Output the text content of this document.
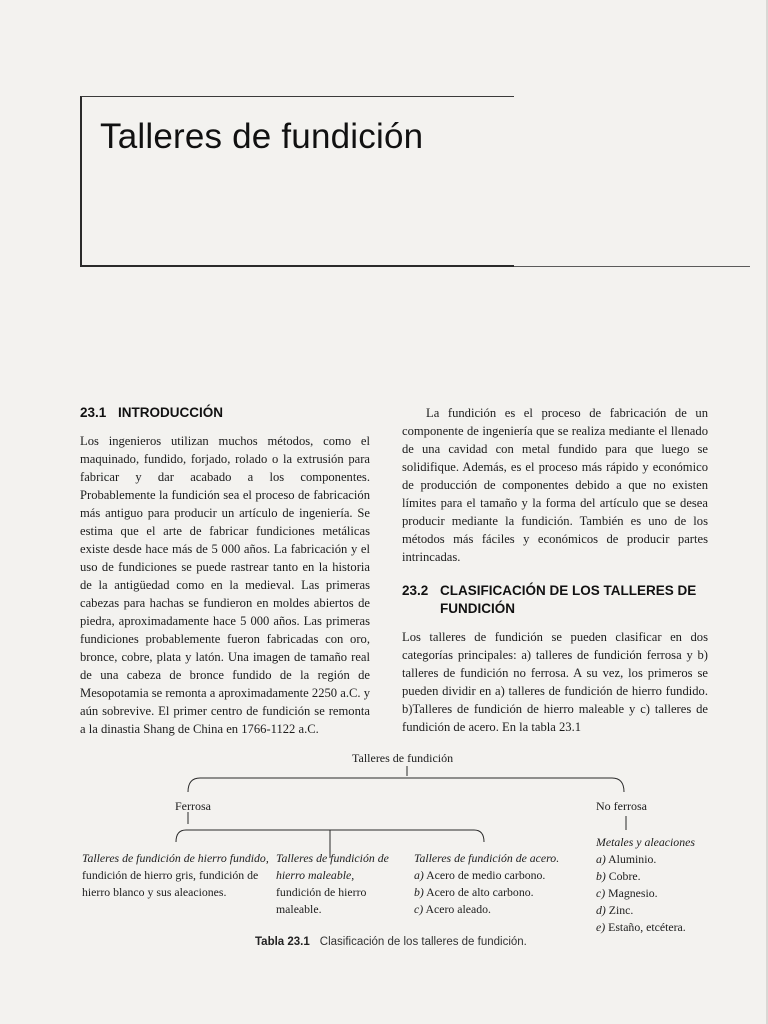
Talleres de fundición
23.1 INTRODUCCIÓN

Los ingenieros utilizan muchos métodos, como el maquinado, fundido, forjado, rolado o la extrusión para fabricar y dar acabado a los componentes. Probablemente la fundición sea el proceso de fabricación más antiguo para producir un artículo de ingeniería. Se estima que el arte de fabricar fundiciones metálicas existe desde hace más de 5 000 años. La fabricación y el uso de fundiciones se puede rastrear tanto en la historia de la antigüedad como en la medieval. Las primeras cabezas para hachas se fundieron en moldes abiertos de piedra, aproximadamente hace 5 000 años. Las primeras fundiciones probablemente fueron fabricadas con oro, bronce, cobre, plata y latón. Una imagen de tamaño real de una cabeza de bronce fundido de la región de Mesopotamia se remonta a aproximadamente 2250 a.C. y aún sobrevive. El primer centro de fundición se remonta a la dinastia Shang de China en 1766-1122 a.C.

La fundición es el proceso de fabricación de un componente de ingeniería que se realiza mediante el llenado de una cavidad con metal fundido para que luego se solidifique. Además, es el proceso más rápido y económico de producción de componentes debido a que no existen límites para el tamaño y la forma del artículo que se desea producir mediante la fundición. También es uno de los métodos más fáciles y económicos de producir partes intrincadas.

23.2 CLASIFICACIÓN DE LOS TALLERES DE FUNDICIÓN

Los talleres de fundición se pueden clasificar en dos categorías principales: a) talleres de fundición ferrosa y b) talleres de fundición no ferrosa. A su vez, los primeros se pueden dividir en a) talleres de fundición de hierro fundido. b)Talleres de fundición de hierro maleable y c) talleres de fundición de acero. En la tabla 23.1

Talleres de fundición
Ferrosa	No ferrosa
Talleres de fundición de hierro fundido, fundición de hierro gris, fundición de hierro blanco y sus aleaciones.
Talleres de fundición de hierro maleable, fundición de hierro maleable.
Talleres de fundición de acero.
a) Acero de medio carbono.
b) Acero de alto carbono.
c) Acero aleado.
Metales y aleaciones
a) Aluminio.
b) Cobre.
c) Magnesio.
d) Zinc.
e) Estaño, etcétera.
Tabla 23.1 Clasificación de los talleres de fundición.
